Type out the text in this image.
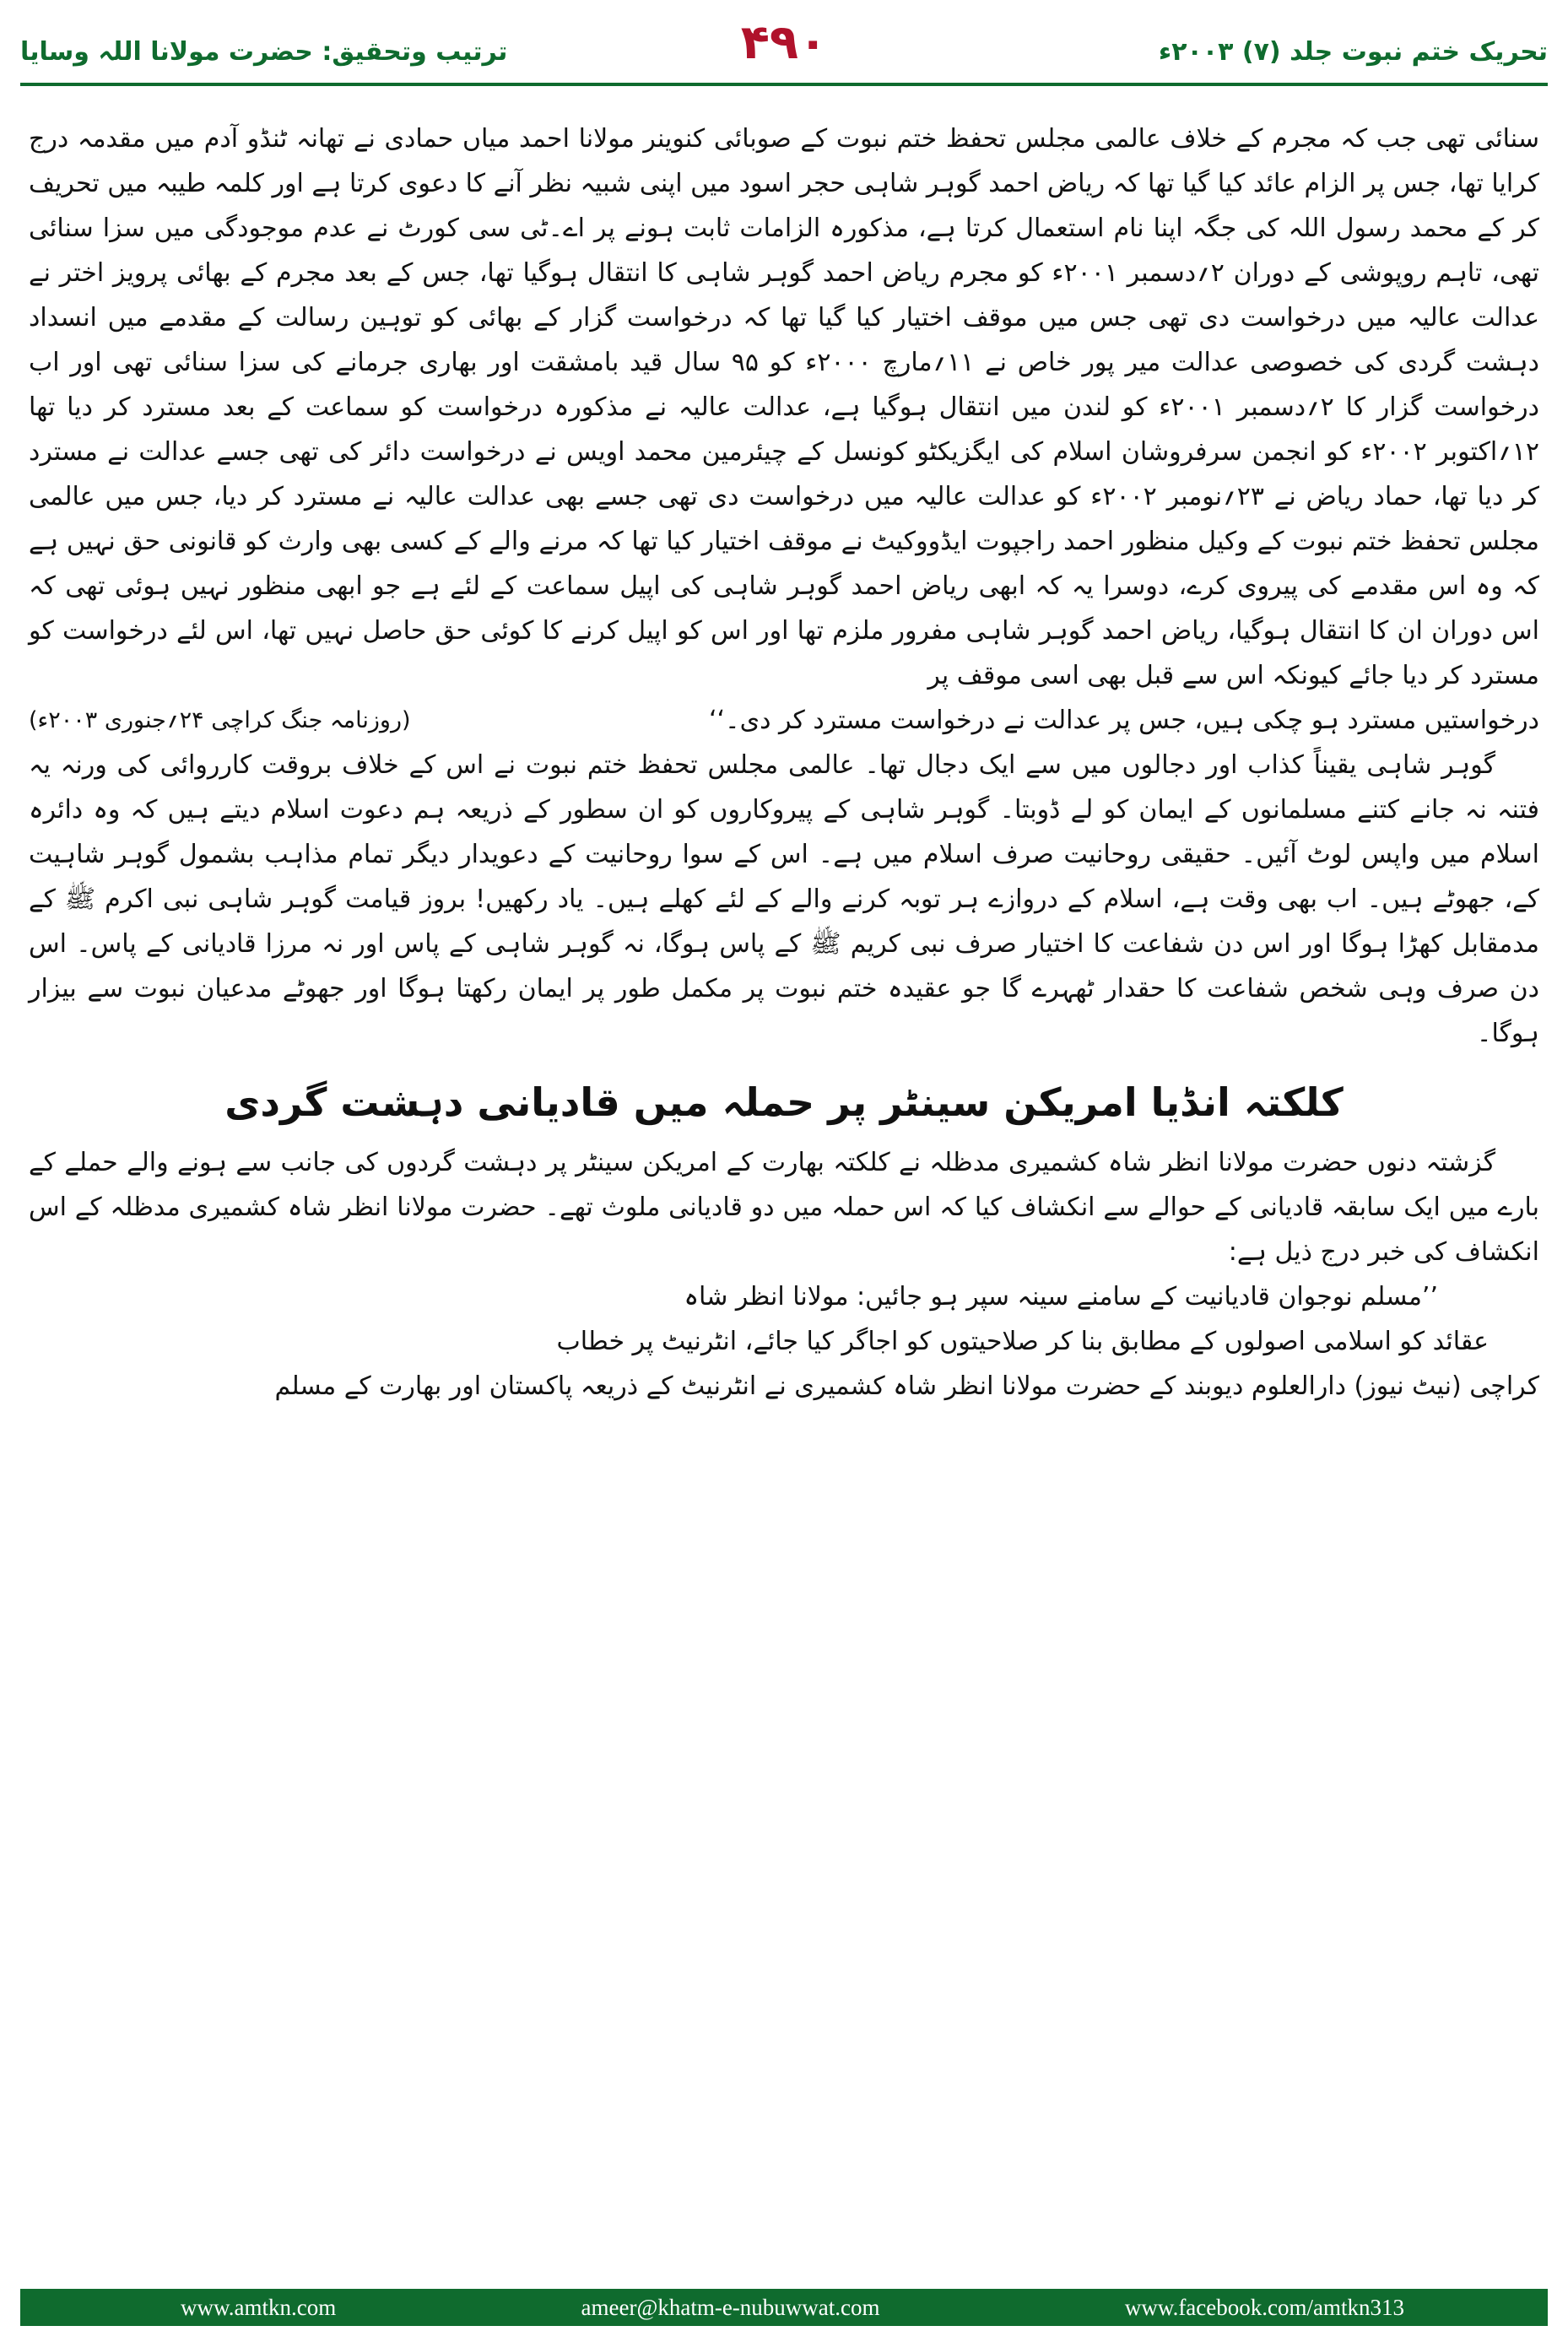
ترتیب وتحقیق: حضرت مولانا اللہ وسایا	۴۹۰	تحریک ختم نبوت جلد (۷) ۲۰۰۳ء

سنائی تھی جب کہ مجرم کے خلاف عالمی مجلس تحفظ ختم نبوت کے صوبائی کنوینر مولانا احمد میاں حمادی نے تھانہ ٹنڈو آدم میں مقدمہ درج کرایا تھا، جس پر الزام عائد کیا گیا تھا کہ ریاض احمد گوہر شاہی حجر اسود میں اپنی شبیہ نظر آنے کا دعوی کرتا ہے اور کلمہ طیبہ میں تحریف کر کے محمد رسول اللہ کی جگہ اپنا نام استعمال کرتا ہے، مذکورہ الزامات ثابت ہونے پر اے۔ٹی سی کورٹ نے عدم موجودگی میں سزا سنائی تھی، تاہم روپوشی کے دوران ۲؍دسمبر ۲۰۰۱ء کو مجرم ریاض احمد گوہر شاہی کا انتقال ہوگیا تھا، جس کے بعد مجرم کے بھائی پرویز اختر نے عدالت عالیہ میں درخواست دی تھی جس میں موقف اختیار کیا گیا تھا کہ درخواست گزار کے بھائی کو توہین رسالت کے مقدمے میں انسداد دہشت گردی کی خصوصی عدالت میر پور خاص نے ۱۱؍مارچ ۲۰۰۰ء کو ۹۵ سال قید بامشقت اور بھاری جرمانے کی سزا سنائی تھی اور اب درخواست گزار کا ۲؍دسمبر ۲۰۰۱ء کو لندن میں انتقال ہوگیا ہے، عدالت عالیہ نے مذکورہ درخواست کو سماعت کے بعد مسترد کر دیا تھا ۱۲؍اکتوبر ۲۰۰۲ء کو انجمن سرفروشان اسلام کی ایگزیکٹو کونسل کے چیئرمین محمد اویس نے درخواست دائر کی تھی جسے عدالت نے مسترد کر دیا تھا، حماد ریاض نے ۲۳؍نومبر ۲۰۰۲ء کو عدالت عالیہ میں درخواست دی تھی جسے بھی عدالت عالیہ نے مسترد کر دیا، جس میں عالمی مجلس تحفظ ختم نبوت کے وکیل منظور احمد راجپوت ایڈووکیٹ نے موقف اختیار کیا تھا کہ مرنے والے کے کسی بھی وارث کو قانونی حق نہیں ہے کہ وہ اس مقدمے کی پیروی کرے، دوسرا یہ کہ ابھی ریاض احمد گوہر شاہی کی اپیل سماعت کے لئے ہے جو ابھی منظور نہیں ہوئی تھی کہ اس دوران ان کا انتقال ہوگیا، ریاض احمد گوہر شاہی مفرور ملزم تھا اور اس کو اپیل کرنے کا کوئی حق حاصل نہیں تھا، اس لئے درخواست کو مسترد کر دیا جائے کیونکہ اس سے قبل بھی اسی موقف پر

درخواستیں مسترد ہو چکی ہیں، جس پر عدالت نے درخواست مسترد کر دی۔‘‘
(روزنامہ جنگ کراچی ۲۴؍جنوری ۲۰۰۳ء)

گوہر شاہی یقیناً کذاب اور دجالوں میں سے ایک دجال تھا۔ عالمی مجلس تحفظ ختم نبوت نے اس کے خلاف بروقت کارروائی کی ورنہ یہ فتنہ نہ جانے کتنے مسلمانوں کے ایمان کو لے ڈوبتا۔ گوہر شاہی کے پیروکاروں کو ان سطور کے ذریعہ ہم دعوت اسلام دیتے ہیں کہ وہ دائرہ اسلام میں واپس لوٹ آئیں۔ حقیقی روحانیت صرف اسلام میں ہے۔ اس کے سوا روحانیت کے دعویدار دیگر تمام مذاہب بشمول گوہر شاہیت کے، جھوٹے ہیں۔ اب بھی وقت ہے، اسلام کے دروازے ہر توبہ کرنے والے کے لئے کھلے ہیں۔ یاد رکھیں! بروز قیامت گوہر شاہی نبی اکرم ﷺ کے مدمقابل کھڑا ہوگا اور اس دن شفاعت کا اختیار صرف نبی کریم ﷺ کے پاس ہوگا، نہ گوہر شاہی کے پاس اور نہ مرزا قادیانی کے پاس۔ اس دن صرف وہی شخص شفاعت کا حقدار ٹھہرے گا جو عقیدہ ختم نبوت پر مکمل طور پر ایمان رکھتا ہوگا اور جھوٹے مدعیان نبوت سے بیزار ہوگا۔

کلکتہ انڈیا امریکن سینٹر پر حملہ میں قادیانی دہشت گردی

گزشتہ دنوں حضرت مولانا انظر شاہ کشمیری مدظلہ نے کلکتہ بھارت کے امریکن سینٹر پر دہشت گردوں کی جانب سے ہونے والے حملے کے بارے میں ایک سابقہ قادیانی کے حوالے سے انکشاف کیا کہ اس حملہ میں دو قادیانی ملوث تھے۔ حضرت مولانا انظر شاہ کشمیری مدظلہ کے اس انکشاف کی خبر درج ذیل ہے:

’’مسلم نوجوان قادیانیت کے سامنے سینہ سپر ہو جائیں: مولانا انظر شاہ

عقائد کو اسلامی اصولوں کے مطابق بنا کر صلاحیتوں کو اجاگر کیا جائے، انٹرنیٹ پر خطاب

کراچی (نیٹ نیوز) دارالعلوم دیوبند کے حضرت مولانا انظر شاہ کشمیری نے انٹرنیٹ کے ذریعہ پاکستان اور بھارت کے مسلم

www.amtkn.com	ameer@khatm-e-nubuwwat.com	www.facebook.com/amtkn313
